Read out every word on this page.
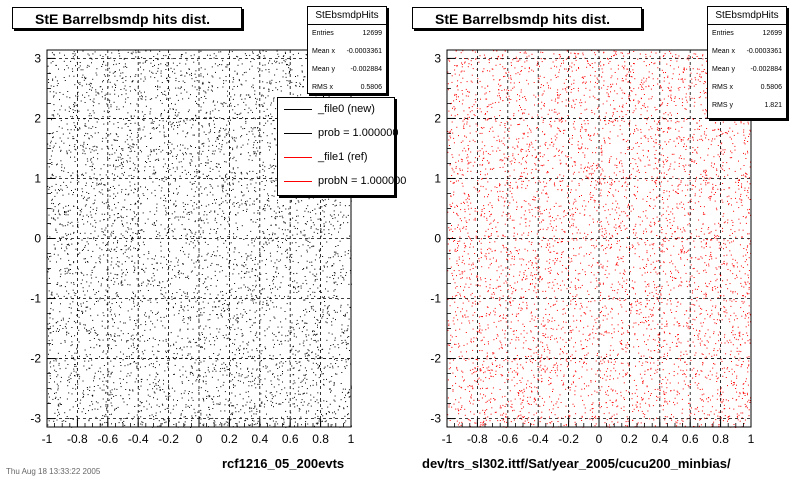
-1 -0.8 -0.6 -0.4 -0.2 0 0.2 0.4 0.6 0.8 1
-3
-2
-1
0
1
2
3
StE Barrelbsmdp hits dist.	StEbsmdpHits
Entries	12699
Mean x -0.0003361
Mean y -0.002884
RMS x	0.5806
_file0 (new)
prob = 1.000000
_file1 (ref)
probN = 1.000000
rcf1216_05_200evts
-1 -0.8 -0.6 -0.4 -0.2 0 0.2 0.4 0.6 0.8 1
-3
-2
-1
0
1
2
3
StE Barrelbsmdp hits dist.	StEbsmdpHits
Entries	12699
Mean x -0.0003361
Mean y -0.002884
RMS x	0.5806
RMS y	1.821
dev/trs_sl302.ittf/Sat/year_2005/cucu200_minbias/
Thu Aug 18 13:33:22 2005
